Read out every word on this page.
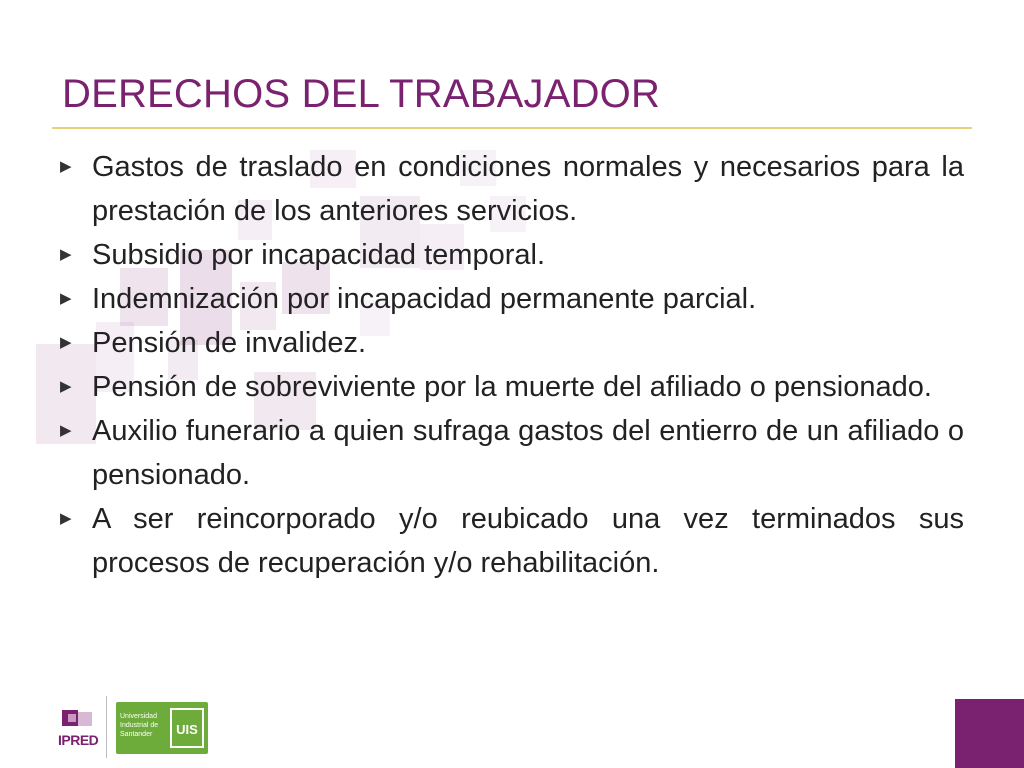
DERECHOS DEL TRABAJADOR
▶ Gastos de traslado en condiciones normales y necesarios para la prestación de los anteriores servicios.
▶ Subsidio por incapacidad temporal.
▶ Indemnización por incapacidad permanente parcial.
▶ Pensión de invalidez.
▶ Pensión de sobreviviente por la muerte del afiliado o pensionado.
▶ Auxilio funerario a quien sufraga gastos del entierro de un afiliado o pensionado.
▶ A ser reincorporado y/o reubicado una vez terminados sus procesos de recuperación y/o rehabilitación.
IPRED
Universidad Industrial de Santander	UIS
